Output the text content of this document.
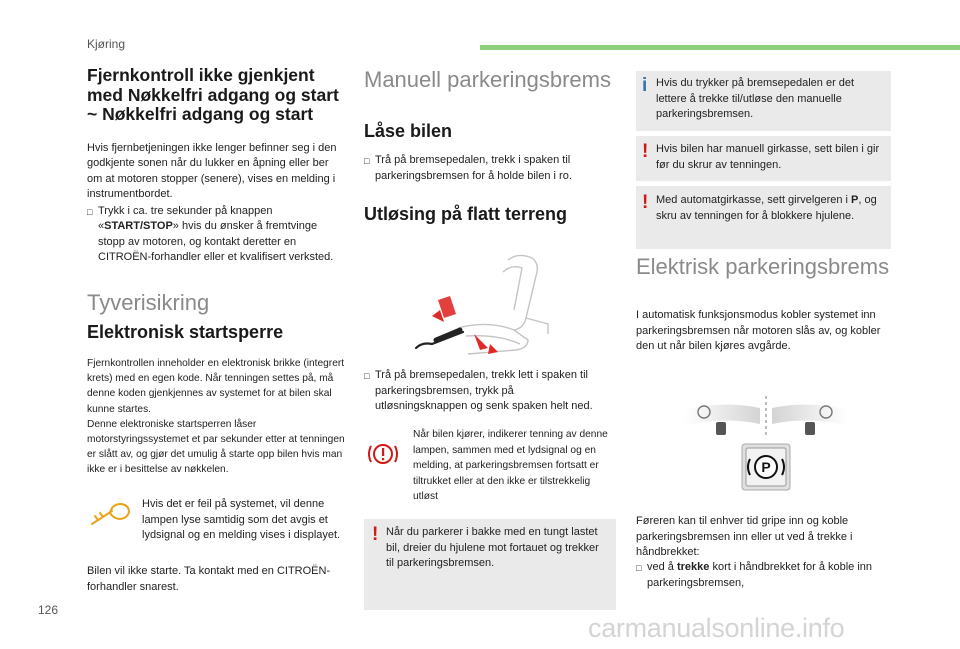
Kjøring
126
carmanualsonline.info
Fjernkontroll ikke gjenkjent
med Nøkkelfri adgang og start
~ Nøkkelfri adgang og start

Hvis fjernbetjeningen ikke lenger befinner seg i den godkjente sonen når du lukker en åpning eller ber om at motoren stopper (senere), vises en melding i instrumentbordet.

□ Trykk i ca. tre sekunder på knappen «START/STOP» hvis du ønsker å fremtvinge stopp av motoren, og kontakt deretter en CITROËN-forhandler eller et kvalifisert verksted.
Tyverisikring
Elektronisk startsperre

Fjernkontrollen inneholder en elektronisk brikke (integrert krets) med en egen kode. Når tenningen settes på, må denne koden gjenkjennes av systemet for at bilen skal kunne startes.

Denne elektroniske startsperren låser motorstyringssystemet et par sekunder etter at tenningen er slått av, og gjør det umulig å starte opp bilen hvis man ikke er i besittelse av nøkkelen.

Hvis det er feil på systemet, vil denne lampen lyse samtidig som det avgis et lydsignal og en melding vises i displayet.

Bilen vil ikke starte. Ta kontakt med en CITROËN-forhandler snarest.

Manuell parkeringsbrems
Låse bilen
□ Trå på bremsepedalen, trekk i spaken til parkeringsbremsen for å holde bilen i ro.
Utløsing på flatt terreng
□ Trå på bremsepedalen, trekk lett i spaken til parkeringsbremsen, trykk på utløsningsknappen og senk spaken helt ned.

Når bilen kjører, indikerer tenning av denne lampen, sammen med et lydsignal og en melding, at parkeringsbremsen fortsatt er tiltrukket eller at den ikke er tilstrekkelig utløst

! Når du parkerer i bakke med en tungt lastet bil, dreier du hjulene mot fortauet og trekker til parkeringsbremsen.

i Hvis du trykker på bremsepedalen er det lettere å trekke til/utløse den manuelle parkeringsbremsen.

! Hvis bilen har manuell girkasse, sett bilen i gir før du skrur av tenningen.

! Med automatgirkasse, sett girvelgeren i P, og skru av tenningen for å blokkere hjulene.

Elektrisk parkeringsbrems

I automatisk funksjonsmodus kobler systemet inn parkeringsbremsen når motoren slås av, og kobler den ut når bilen kjøres avgårde.

P

Føreren kan til enhver tid gripe inn og koble parkeringsbremsen inn eller ut ved å trekke i håndbrekket:

□ ved å trekke kort i håndbrekket for å koble inn parkeringsbremsen,
